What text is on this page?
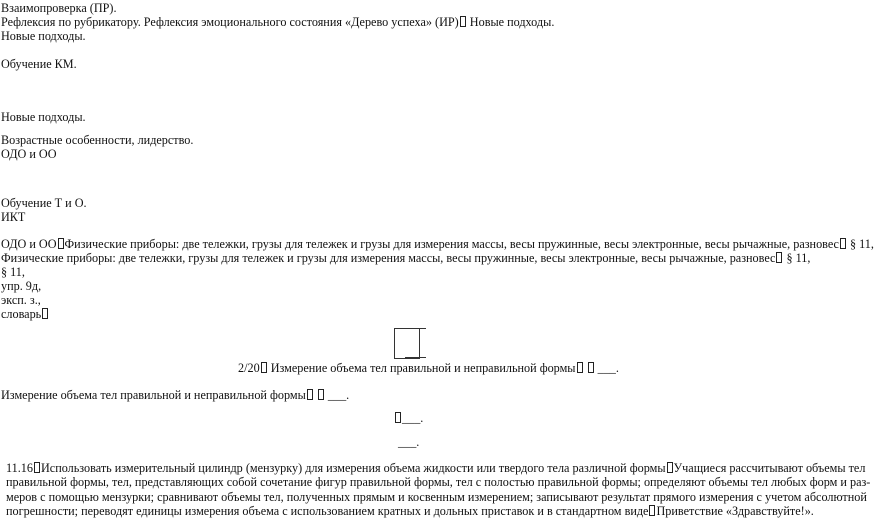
Взаимопроверка (ПР).
Рефлексия по рубрикатору. Рефлексия эмоционального состояния «Дерево успеха» (ИР) Новые подходы.
Новые подходы.
Обучение КМ.
Новые подходы.
Возрастные особенности, лидерство.
ОДО и ОО
Обучение Т и О.
ИКТ
ОДО и ОО Физические приборы: две тележки, грузы для тележек и грузы для измерения массы, весы пружинные, весы электронные, весы рычажные, разновес § 11,
Физические приборы: две тележки, грузы для тележек и грузы для измерения массы, весы пружинные, весы электронные, весы рычажные, разновес § 11,
§ 11,
упр. 9д,
эксп. з.,
словарь
2/20 Измерение объема тел правильной и неправильной формы ___.
Измерение объема тел правильной и неправильной формы ___.
___.
___.
11.16 Использовать измерительный цилиндр (мензурку) для измерения объема жидкости или твердого тела различной формы Учащиеся рассчитывают объемы тел
правильной формы, тел, представляющих собой сочетание фигур правильной формы, тел с полостью правильной формы; определяют объемы тел любых форм и раз-
меров с помощью мензурки; сравнивают объемы тел, полученных прямым и косвенным измерением; записывают результат прямого измерения с учетом абсолютной
погрешности; переводят единицы измерения объема с использованием кратных и дольных приставок и в стандартном виде Приветствие «Здравствуйте!».
